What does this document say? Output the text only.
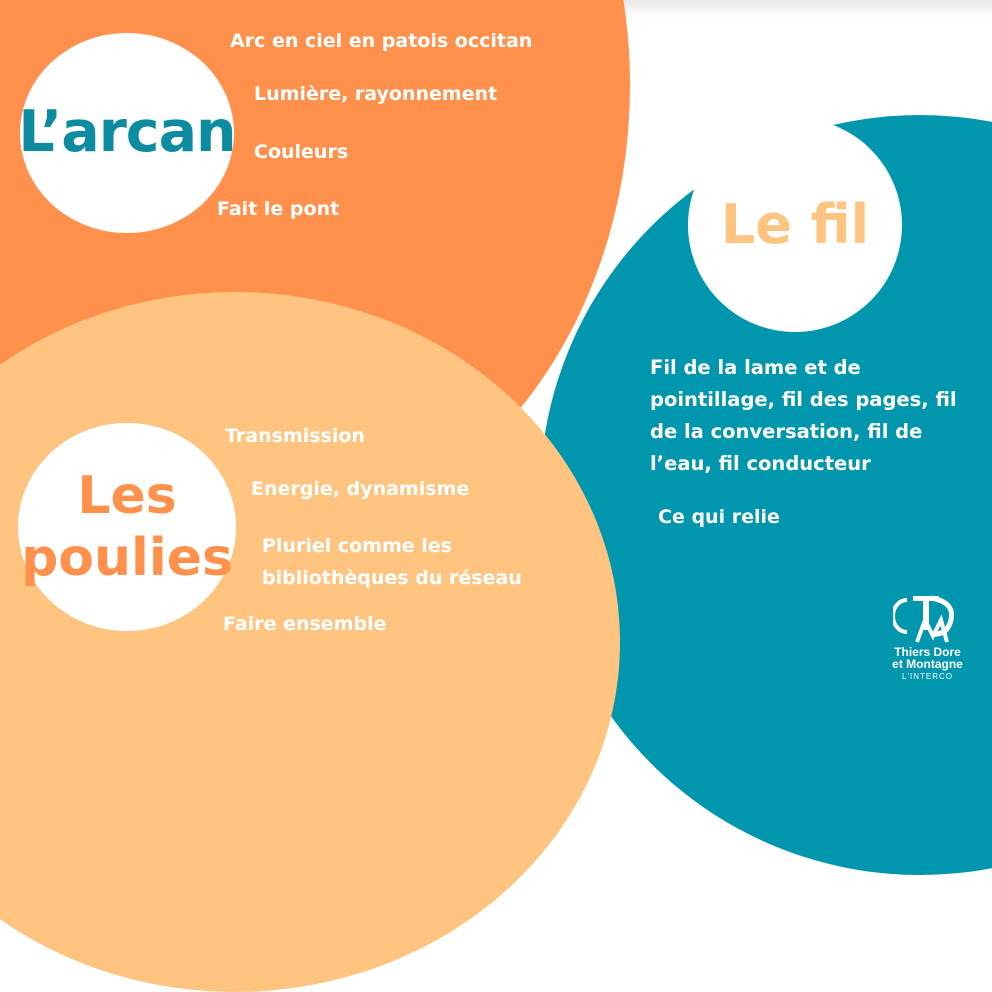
L’arcan
Arc en ciel en patois occitan
Lumière, rayonnement
Couleurs
Fait le pont	Le fil
Fil de la lame et de pointillage, fil des pages, fil de la conversation, fil de l’eau, fil conducteur
Ce qui relie
Les
poulies
Transmission
Energie, dynamisme
Pluriel comme les bibliothèques du réseau
Faire ensemble
Thiers Dore
et Montagne
L'INTERCO
